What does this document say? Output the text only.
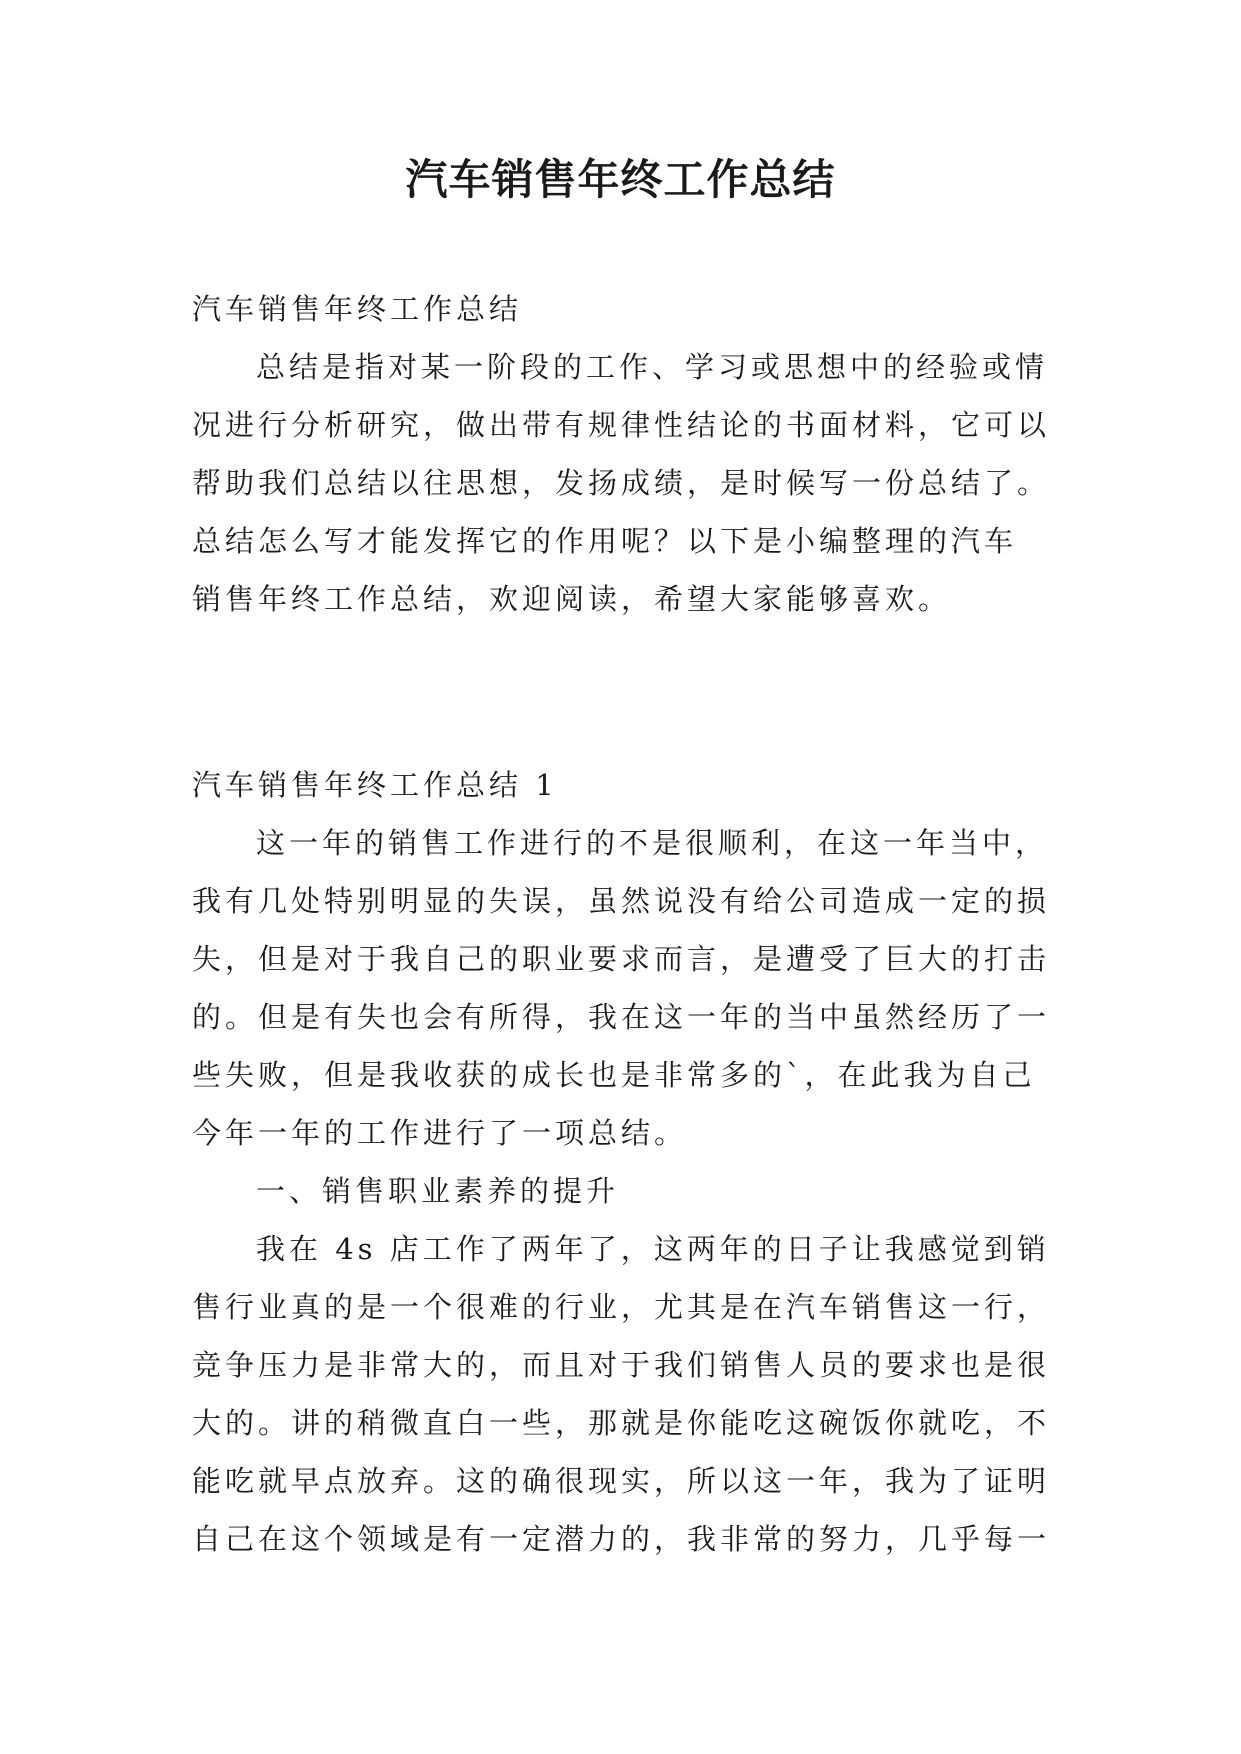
汽车销售年终工作总结

汽车销售年终工作总结

总结是指对某一阶段的工作、学习或思想中的经验或情

况进行分析研究，做出带有规律性结论的书面材料，它可以

帮助我们总结以往思想，发扬成绩，是时候写一份总结了。

总结怎么写才能发挥它的作用呢？以下是小编整理的汽车

销售年终工作总结，欢迎阅读，希望大家能够喜欢。

汽车销售年终工作总结 1

这一年的销售工作进行的不是很顺利，在这一年当中，

我有几处特别明显的失误，虽然说没有给公司造成一定的损

失，但是对于我自己的职业要求而言，是遭受了巨大的打击

的。但是有失也会有所得，我在这一年的当中虽然经历了一

些失败，但是我收获的成长也是非常多的`，在此我为自己

今年一年的工作进行了一项总结。

一、销售职业素养的提升

我在 4s 店工作了两年了，这两年的日子让我感觉到销

售行业真的是一个很难的行业，尤其是在汽车销售这一行，

竞争压力是非常大的，而且对于我们销售人员的要求也是很

大的。讲的稍微直白一些，那就是你能吃这碗饭你就吃，不

能吃就早点放弃。这的确很现实，所以这一年，我为了证明

自己在这个领域是有一定潜力的，我非常的努力，几乎每一
